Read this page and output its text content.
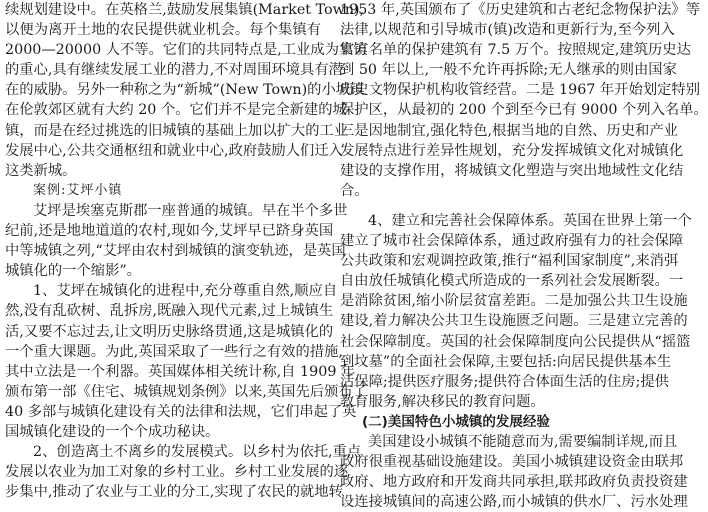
续规划建设中。在英格兰,鼓励发展集镇(Market Town),
以便为离开土地的农民提供就业机会。每个集镇有
2000—20000 人不等。它们的共同特点是,工业成为集镇
的重心,具有继续发展工业的潜力,不对周围环境具有潜
在的威胁。另外一种称之为“新城”(New Town)的小城镇
在伦敦郊区就有大约 20 个。它们并不是完全新建的城
镇，而是在经过挑选的旧城镇的基础上加以扩大的工业
发展中心,公共交通枢纽和就业中心,政府鼓励人们迁入
这类新城。
案例:艾坪小镇
艾坪是埃塞克斯郡一座普通的城镇。早在半个多世
纪前,还是地地道道的农村,现如今,艾坪早已跻身英国
中等城镇之列,“艾坪由农村到城镇的演变轨迹，是英国
城镇化的一个缩影”。
1、艾坪在城镇化的进程中,充分尊重自然,顺应自
然,没有乱砍树、乱拆房,既融入现代元素,过上城镇生
活,又要不忘过去,让文明历史脉络贯通,这是城镇化的
一个重大课题。为此,英国采取了一些行之有效的措施,
其中立法是一个利器。英国媒体相关统计称,自 1909 年
颁布第一部《住宅、城镇规划条例》以来,英国先后颁布了
40 多部与城镇化建设有关的法律和法规，它们串起了英
国城镇化建设的一个个成功秘诀。
2、创造离土不离乡的发展模式。以乡村为依托,重点
发展以农业为加工对象的乡村工业。乡村工业发展的逐
步集中,推动了农业与工业的分工,实现了农民的就地转
1953 年,英国颁布了《历史建筑和古老纪念物保护法》等
法律,以规范和引导城市(镇)改造和更新行为,至今列入
官方名单的保护建筑有 7.5 万个。按照规定,建筑历史达
到 50 年以上,一般不允许再拆除;无人继承的则由国家
历史文物保护机构收管经营。二是 1967 年开始划定特别
保护区，从最初的 200 个到至今已有 9000 个列入名单。
三是因地制宜,强化特色,根据当地的自然、历史和产业
发展特点进行差异性规划，充分发挥城镇文化对城镇化
建设的支撑作用，将城镇文化塑造与突出地域性文化结
合。
4、建立和完善社会保障体系。英国在世界上第一个
建立了城市社会保障体系，通过政府强有力的社会保障
公共政策和宏观调控政策,推行“福利国家制度”,来消弭
自由放任城镇化模式所造成的一系列社会发展断裂。一
是消除贫困,缩小阶层贫富差距。二是加强公共卫生设施
建设,着力解决公共卫生设施匮乏问题。三是建立完善的
社会保障制度。英国的社会保障制度向公民提供从“摇篮
到坟墓”的全面社会保障,主要包括:向居民提供基本生
活保障;提供医疗服务;提供符合体面生活的住房;提供
教育服务,解决移民的教育问题。
(二)美国特色小城镇的发展经验
美国建设小城镇不能随意而为,需要编制详规,而且
政府很重视基础设施建设。美国小城镇建设资金由联邦
政府、地方政府和开发商共同承担,联邦政府负责投资建
设连接城镇间的高速公路,而小城镇的供水厂、污水处理
